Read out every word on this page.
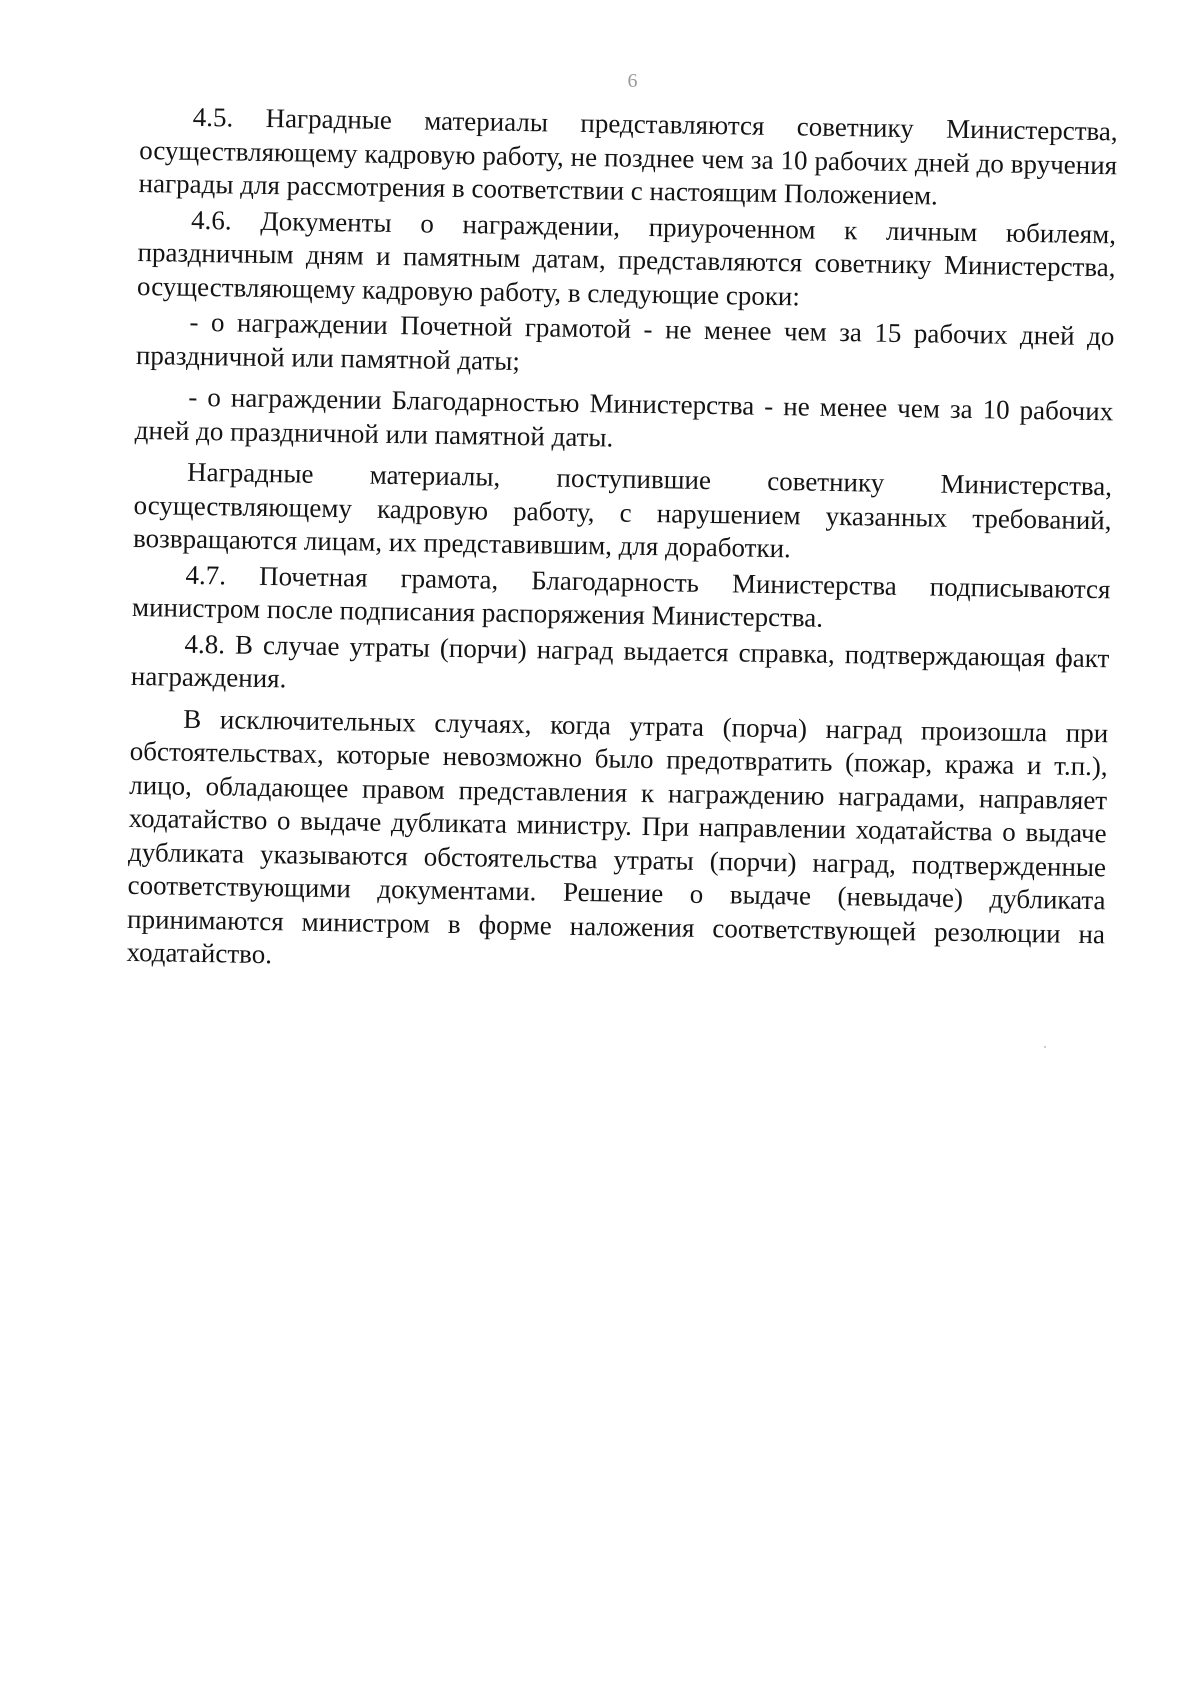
6

4.5. Наградные материалы представляются советнику Министерства, осуществляющему кадровую работу, не позднее чем за 10 рабочих дней до вручения награды для рассмотрения в соответствии с настоящим Положением.

4.6. Документы о награждении, приуроченном к личным юбилеям, праздничным дням и памятным датам, представляются советнику Министерства, осуществляющему кадровую работу, в следующие сроки:

- о награждении Почетной грамотой - не менее чем за 15 рабочих дней до праздничной или памятной даты;

- о награждении Благодарностью Министерства - не менее чем за 10 рабочих дней до праздничной или памятной даты.

Наградные материалы, поступившие советнику Министерства, осуществляющему кадровую работу, с нарушением указанных требований, возвращаются лицам, их представившим, для доработки.

4.7. Почетная грамота, Благодарность Министерства подписываются министром после подписания распоряжения Министерства.

4.8. В случае утраты (порчи) наград выдается справка, подтверждающая факт награждения.

В исключительных случаях, когда утрата (порча) наград произошла при обстоятельствах, которые невозможно было предотвратить (пожар, кража и т.п.), лицо, обладающее правом представления к награждению наградами, направляет ходатайство о выдаче дубликата министру. При направлении ходатайства о выдаче дубликата указываются обстоятельства утраты (порчи) наград, подтвержденные соответствующими документами. Решение о выдаче (невыдаче) дубликата принимаются министром в форме наложения соответствующей резолюции на ходатайство.
